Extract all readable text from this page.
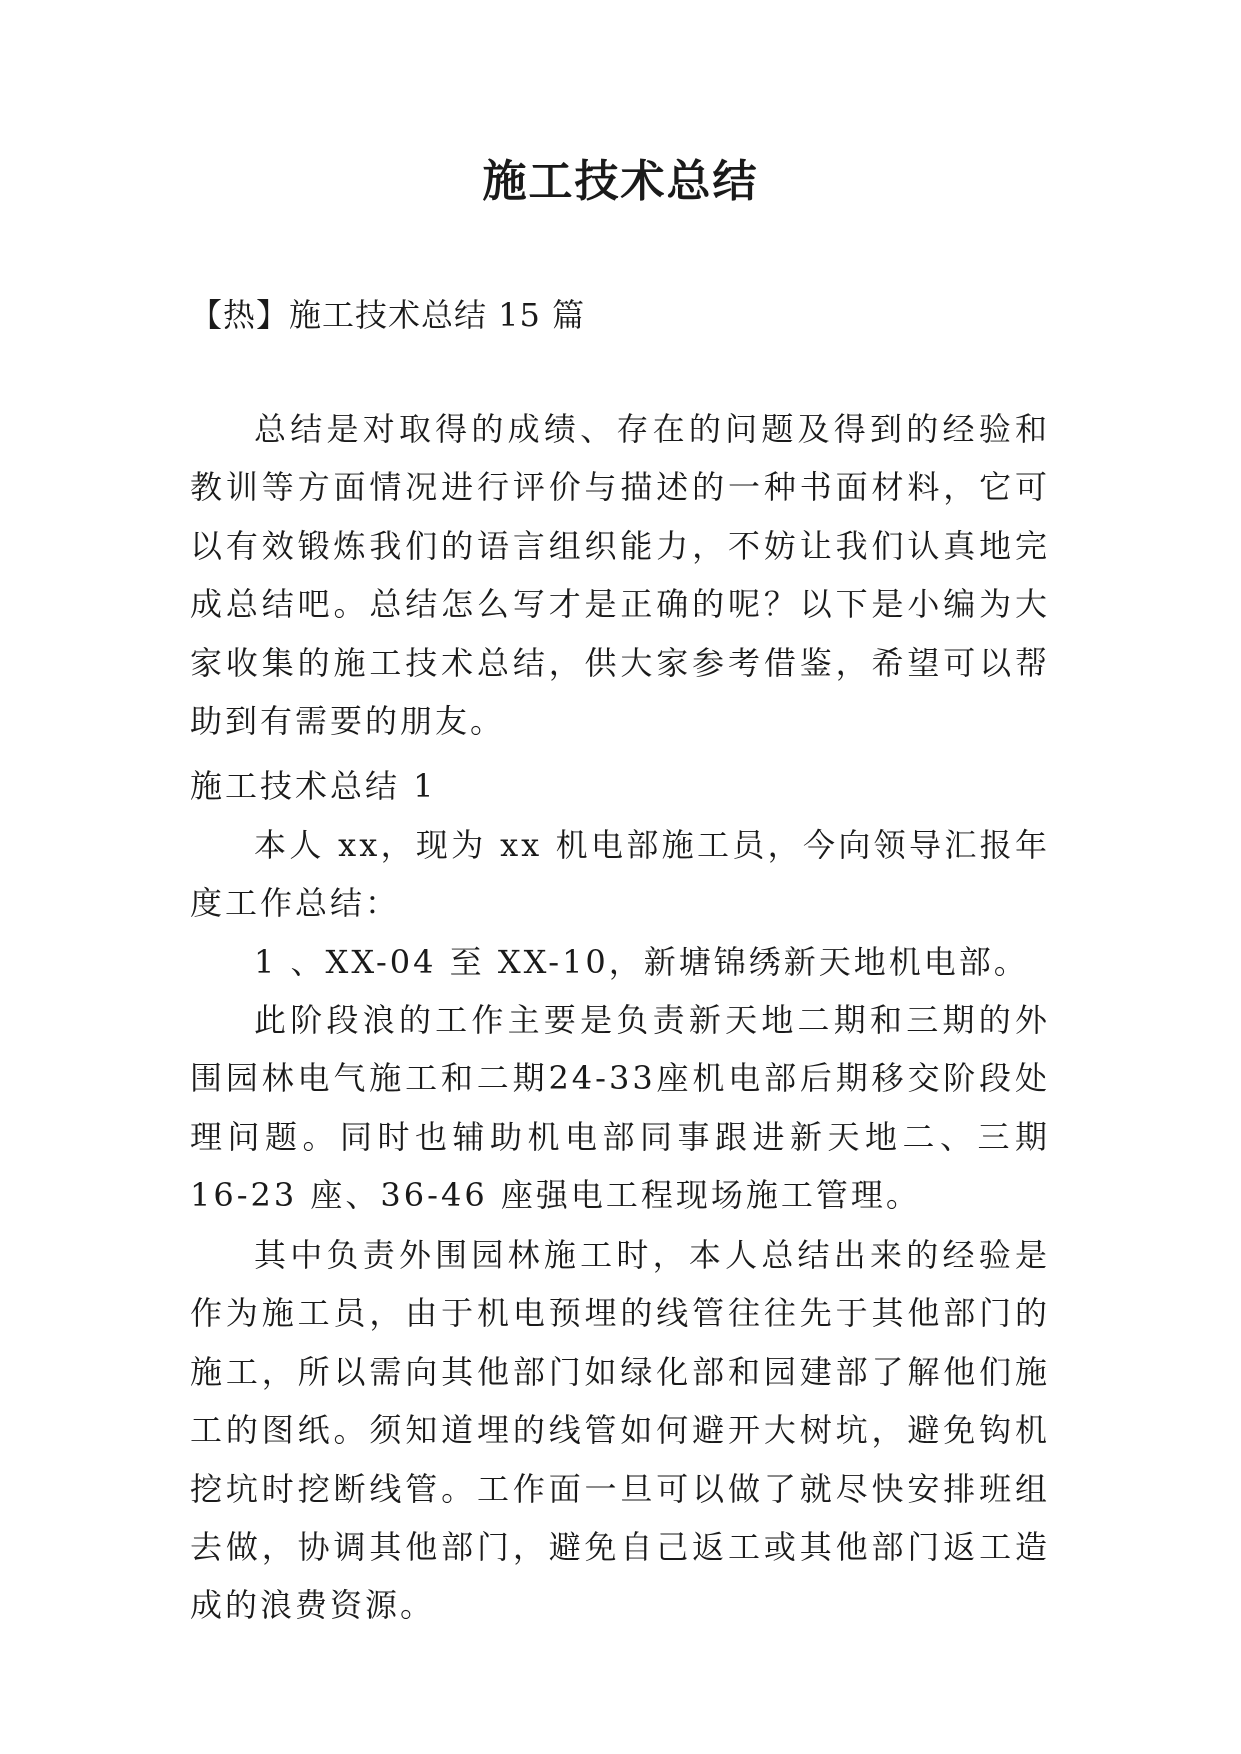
施工技术总结

【热】施工技术总结 15 篇

总结是对取得的成绩、存在的问题及得到的经验和教训等方面情况进行评价与描述的一种书面材料，它可以有效锻炼我们的语言组织能力，不妨让我们认真地完成总结吧。总结怎么写才是正确的呢？以下是小编为大家收集的施工技术总结，供大家参考借鉴，希望可以帮助到有需要的朋友。

施工技术总结 1

本人 xx，现为 xx 机电部施工员，今向领导汇报年度工作总结：

1 、XX-04 至 XX-10，新塘锦绣新天地机电部。

此阶段浪的工作主要是负责新天地二期和三期的外围园林电气施工和二期24-33座机电部后期移交阶段处理问题。同时也辅助机电部同事跟进新天地二、三期 16-23 座、36-46 座强电工程现场施工管理。

其中负责外围园林施工时，本人总结出来的经验是作为施工员，由于机电预埋的线管往往先于其他部门的施工，所以需向其他部门如绿化部和园建部了解他们施工的图纸。须知道埋的线管如何避开大树坑，避免钩机挖坑时挖断线管。工作面一旦可以做了就尽快安排班组去做，协调其他部门，避免自己返工或其他部门返工造成的浪费资源。
